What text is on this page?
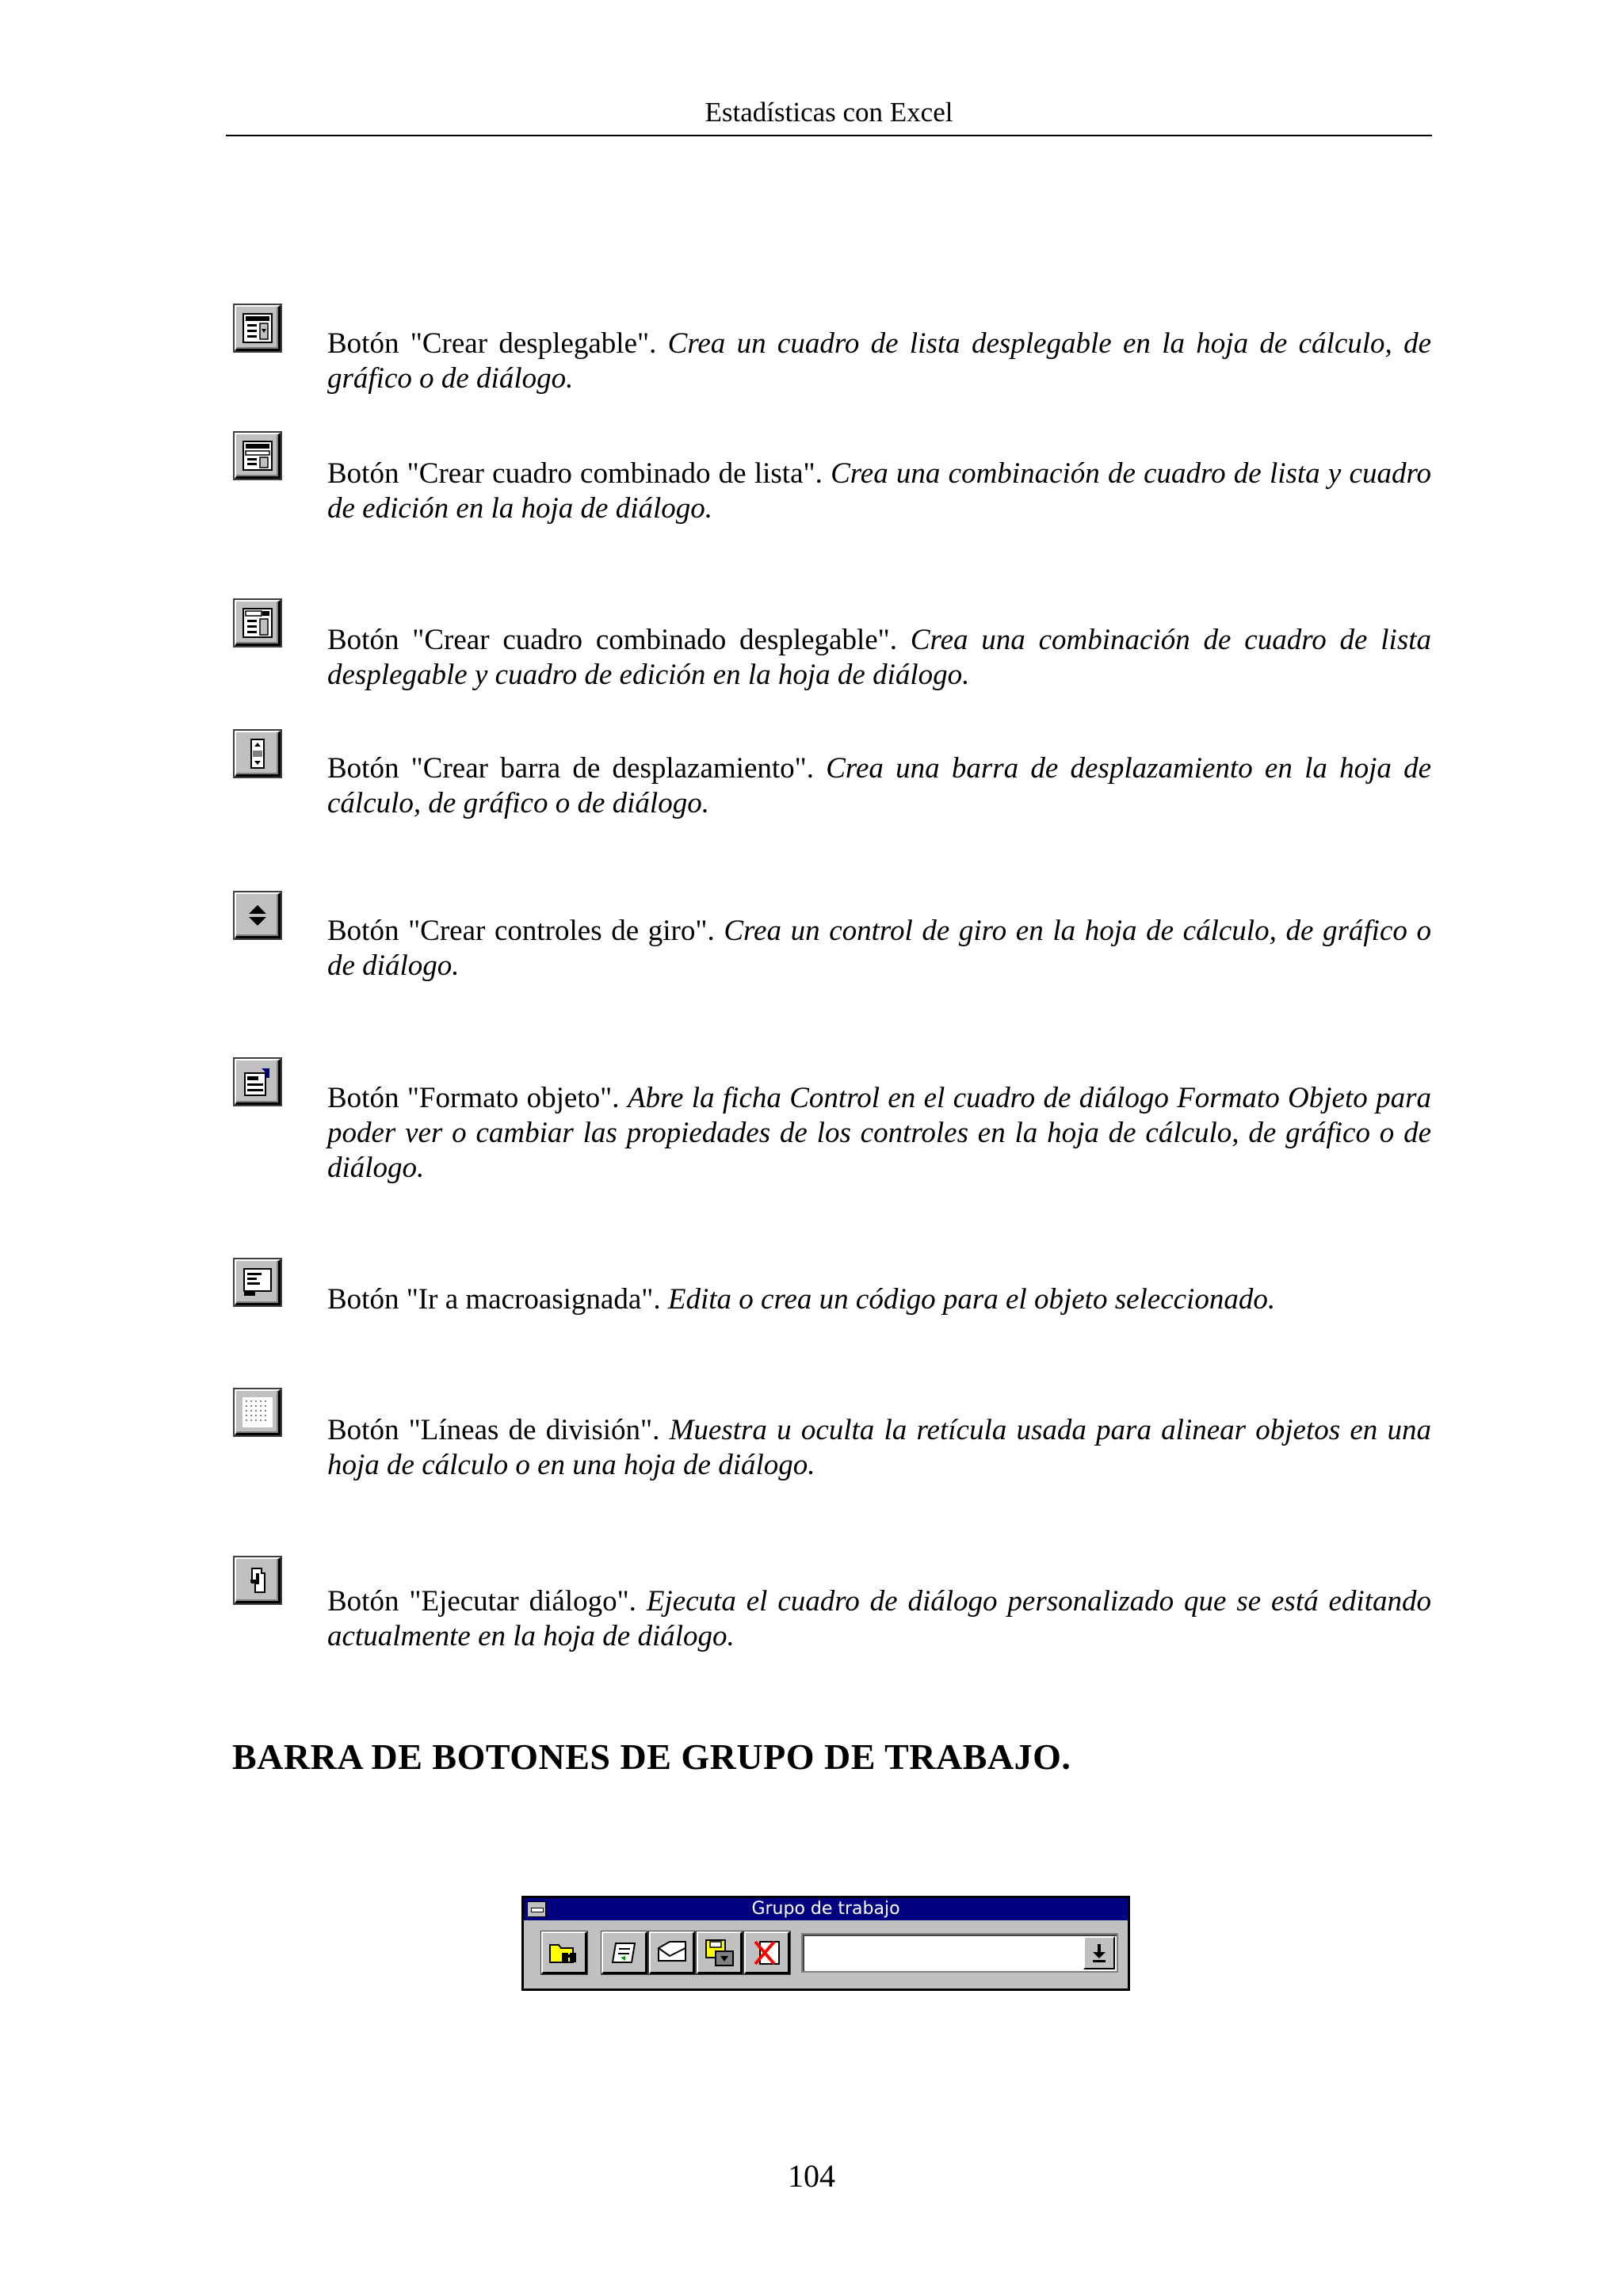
Estadísticas con Excel
Botón "Crear desplegable". Crea un cuadro de lista desplegable en la hoja de cálculo, de gráfico o de diálogo.
Botón "Crear cuadro combinado de lista". Crea una combinación de cuadro de lista y cuadro de edición en la hoja de diálogo.
Botón "Crear cuadro combinado desplegable". Crea una combinación de cuadro de lista desplegable y cuadro de edición en la hoja de diálogo.
Botón "Crear barra de desplazamiento". Crea una barra de desplazamiento en la hoja de cálculo, de gráfico o de diálogo.
Botón "Crear controles de giro". Crea un control de giro en la hoja de cálculo, de gráfico o de diálogo.
Botón "Formato objeto". Abre la ficha Control en el cuadro de diálogo Formato Objeto para poder ver o cambiar las propiedades de los controles en la hoja de cálculo, de gráfico o de diálogo.
Botón "Ir a macroasignada". Edita o crea un código para el objeto seleccionado.
Botón "Líneas de división". Muestra u oculta la retícula usada para alinear objetos en una hoja de cálculo o en una hoja de diálogo.
Botón "Ejecutar diálogo". Ejecuta el cuadro de diálogo personalizado que se está editando actualmente en la hoja de diálogo.
BARRA DE BOTONES DE GRUPO DE TRABAJO.
Grupo de trabajo
104
